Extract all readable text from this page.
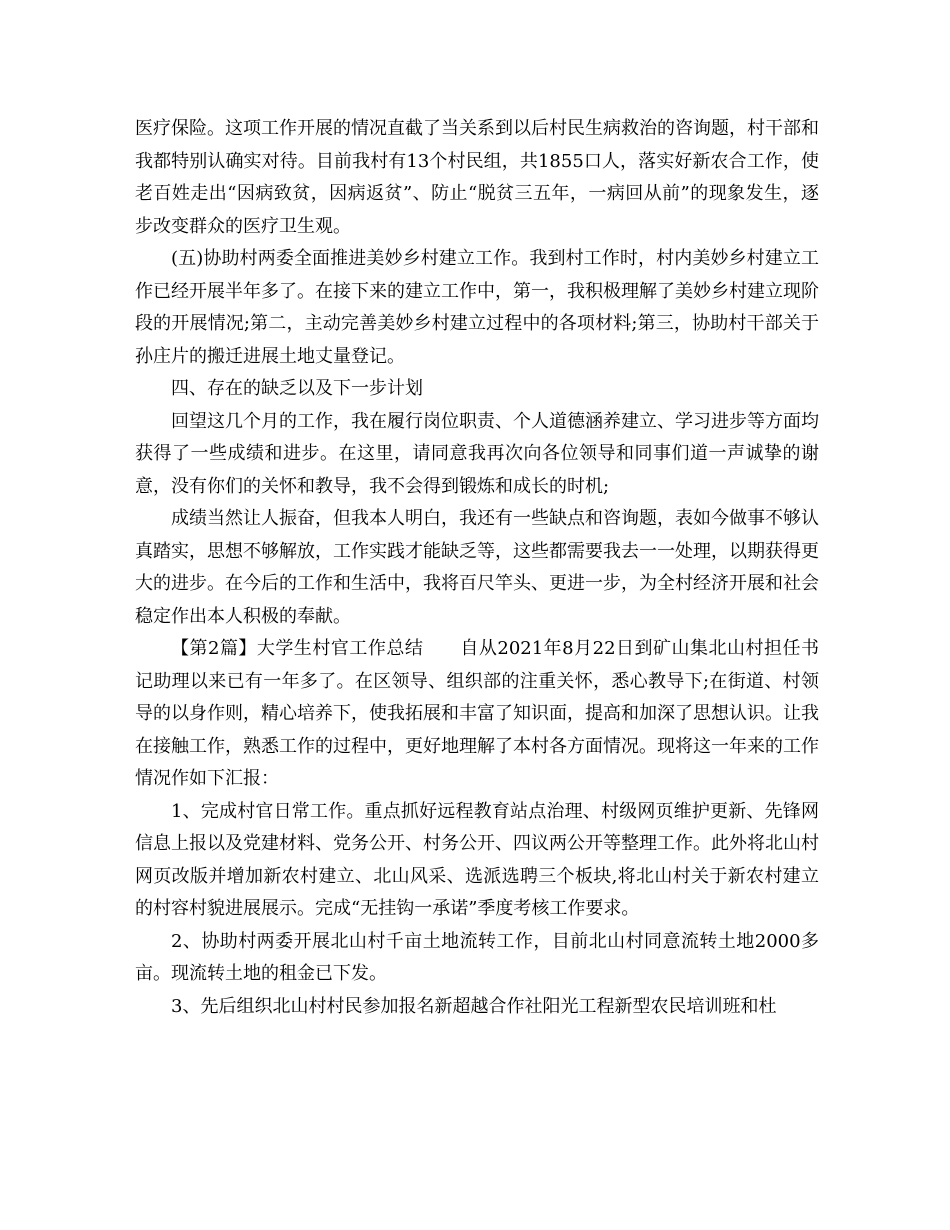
医疗保险。这项工作开展的情况直截了当关系到以后村民生病救治的咨询题，村干部和我都特别认确实对待。目前我村有13个村民组，共1855口人，落实好新农合工作，使老百姓走出“因病致贫，因病返贫”、防止“脱贫三五年，一病回从前”的现象发生，逐步改变群众的医疗卫生观。

(五)协助村两委全面推进美妙乡村建立工作。我到村工作时，村内美妙乡村建立工作已经开展半年多了。在接下来的建立工作中，第一，我积极理解了美妙乡村建立现阶段的开展情况;第二，主动完善美妙乡村建立过程中的各项材料;第三，协助村干部关于孙庄片的搬迁进展土地丈量登记。

四、存在的缺乏以及下一步计划

回望这几个月的工作，我在履行岗位职责、个人道德涵养建立、学习进步等方面均获得了一些成绩和进步。在这里，请同意我再次向各位领导和同事们道一声诚挚的谢意，没有你们的关怀和教导，我不会得到锻炼和成长的时机;

成绩当然让人振奋，但我本人明白，我还有一些缺点和咨询题，表如今做事不够认真踏实，思想不够解放，工作实践才能缺乏等，这些都需要我去一一处理，以期获得更大的进步。在今后的工作和生活中，我将百尺竿头、更进一步，为全村经济开展和社会稳定作出本人积极的奉献。

【第2篇】大学生村官工作总结　　自从2021年8月22日到矿山集北山村担任书记助理以来已有一年多了。在区领导、组织部的注重关怀，悉心教导下;在街道、村领导的以身作则，精心培养下，使我拓展和丰富了知识面，提高和加深了思想认识。让我在接触工作，熟悉工作的过程中，更好地理解了本村各方面情况。现将这一年来的工作情况作如下汇报：

1、完成村官日常工作。重点抓好远程教育站点治理、村级网页维护更新、先锋网信息上报以及党建材料、党务公开、村务公开、四议两公开等整理工作。此外将北山村网页改版并增加新农村建立、北山风采、选派选聘三个板块,将北山村关于新农村建立的村容村貌进展展示。完成“无挂钩一承诺”季度考核工作要求。

2、协助村两委开展北山村千亩土地流转工作，目前北山村同意流转土地2000多亩。现流转土地的租金已下发。

3、先后组织北山村村民参加报名新超越合作社阳光工程新型农民培训班和杜
